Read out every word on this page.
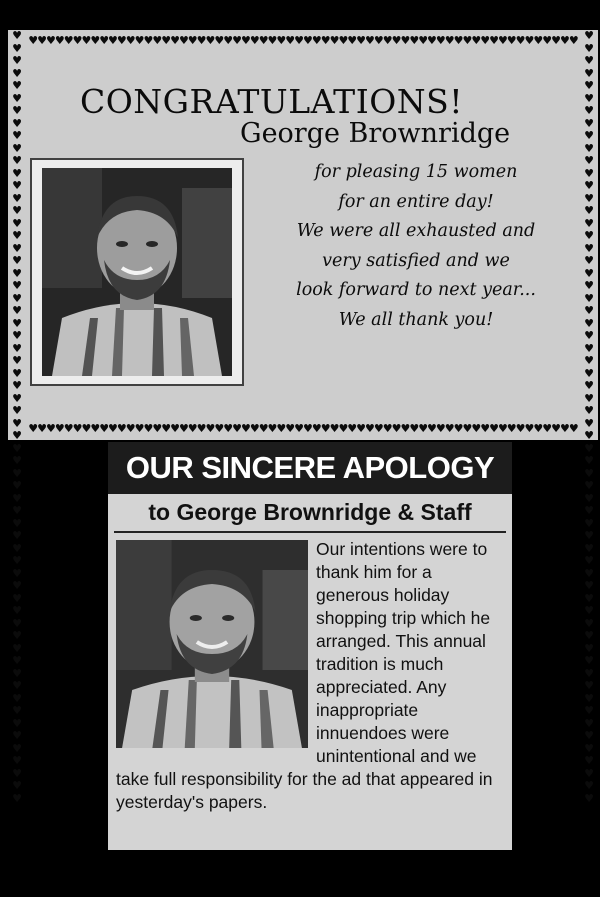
♥♥♥♥♥♥♥♥♥♥♥♥♥♥♥♥♥♥♥♥♥♥♥♥♥♥♥♥♥♥♥♥♥♥♥♥♥♥♥♥♥♥♥♥♥♥♥♥♥♥♥♥♥♥♥♥♥♥♥♥♥♥
♥♥♥♥♥♥♥♥♥♥♥♥♥♥♥♥♥♥♥♥♥♥♥♥♥♥♥♥♥♥♥♥♥♥♥♥♥♥♥♥♥♥♥♥♥♥♥♥♥♥♥♥♥♥♥♥♥♥♥♥♥♥
♥♥♥♥♥♥♥♥♥♥♥♥♥♥♥♥♥♥♥♥♥♥♥♥♥♥♥♥♥♥♥♥♥♥♥♥♥♥♥♥♥♥♥♥♥♥♥♥♥♥♥♥♥♥♥♥♥♥♥♥♥♥
♥♥♥♥♥♥♥♥♥♥♥♥♥♥♥♥♥♥♥♥♥♥♥♥♥♥♥♥♥♥♥♥♥♥♥♥♥♥♥♥♥♥♥♥♥♥♥♥♥♥♥♥♥♥♥♥♥♥♥♥♥♥
CONGRATULATIONS!
George Brownridge
for pleasing 15 women
for an entire day!
We were all exhausted and
very satisfied and we
look forward to next year...
We all thank you!
OUR SINCERE APOLOGY
to George Brownridge & Staff
Our intentions were to thank him for a generous holiday shopping trip which he arranged. This annual tradition is much appreciated. Any inappropriate innuendoes were unintentional and we take full responsibility for the ad that appeared in yesterday's papers.
